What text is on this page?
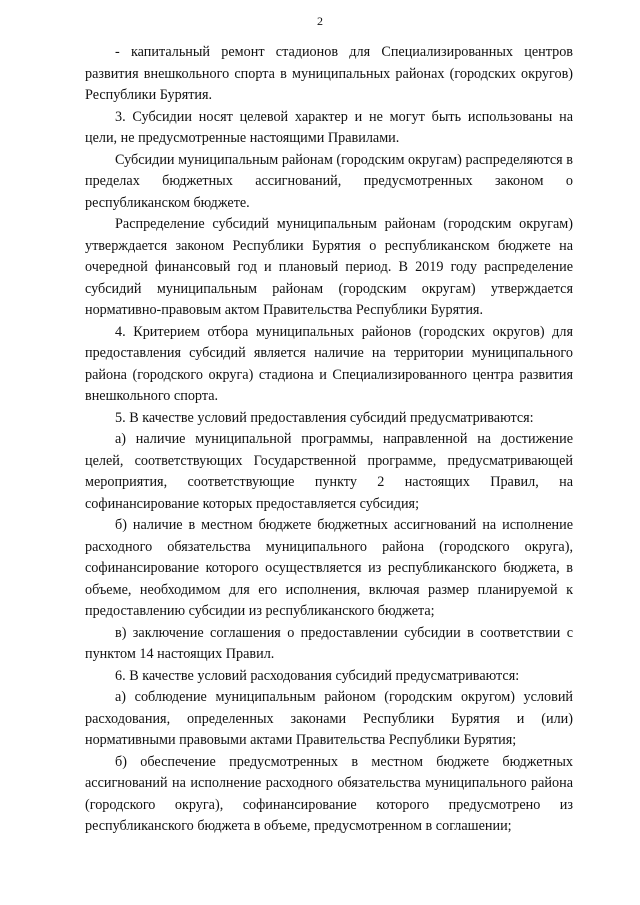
2

- капитальный ремонт стадионов для Специализированных центров развития внешкольного спорта в муниципальных районах (городских округов) Республики Бурятия.

3. Субсидии носят целевой характер и не могут быть использованы на цели, не предусмотренные настоящими Правилами.

Субсидии муниципальным районам (городским округам) распределяются в пределах бюджетных ассигнований, предусмотренных законом о республиканском бюджете.

Распределение субсидий муниципальным районам (городским округам) утверждается законом Республики Бурятия о республиканском бюджете на очередной финансовый год и плановый период. В 2019 году распределение субсидий муниципальным районам (городским округам) утверждается нормативно-правовым актом Правительства Республики Бурятия.

4. Критерием отбора муниципальных районов (городских округов) для предоставления субсидий является наличие на территории муниципального района (городского округа) стадиона и Специализированного центра развития внешкольного спорта.

5. В качестве условий предоставления субсидий предусматриваются:

а) наличие муниципальной программы, направленной на достижение целей, соответствующих Государственной программе, предусматривающей мероприятия, соответствующие пункту 2 настоящих Правил, на софинансирование которых предоставляется субсидия;

б) наличие в местном бюджете бюджетных ассигнований на исполнение расходного обязательства муниципального района (городского округа), софинансирование которого осуществляется из республиканского бюджета, в объеме, необходимом для его исполнения, включая размер планируемой к предоставлению субсидии из республиканского бюджета;

в) заключение соглашения о предоставлении субсидии в соответствии с пунктом 14 настоящих Правил.

6. В качестве условий расходования субсидий предусматриваются:

а) соблюдение муниципальным районом (городским округом) условий расходования, определенных законами Республики Бурятия и (или) нормативными правовыми актами Правительства Республики Бурятия;

б) обеспечение предусмотренных в местном бюджете бюджетных ассигнований на исполнение расходного обязательства муниципального района (городского округа), софинансирование которого предусмотрено из республиканского бюджета в объеме, предусмотренном в соглашении;
